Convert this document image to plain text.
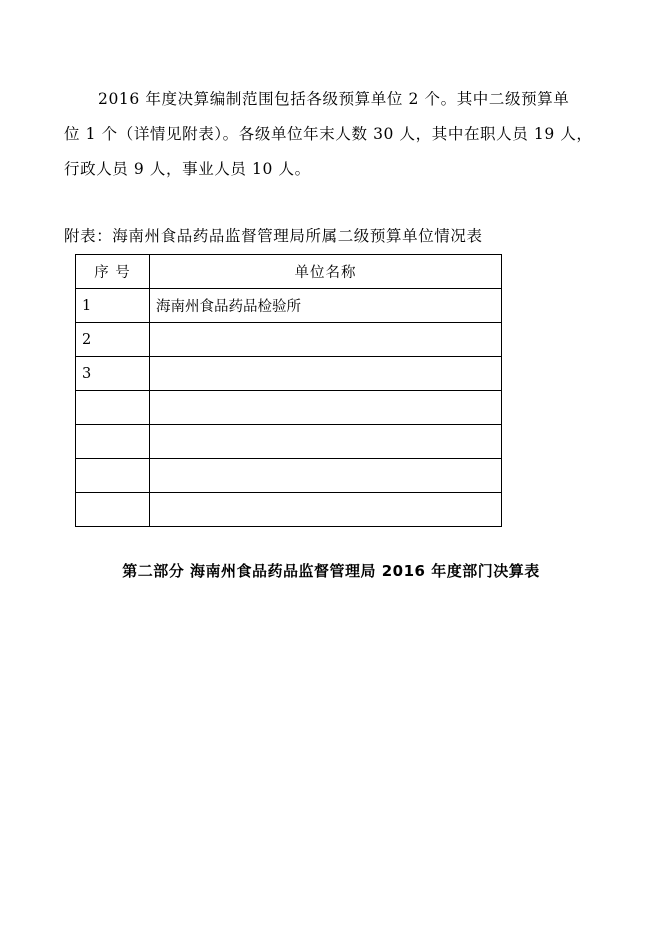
2016 年度决算编制范围包括各级预算单位 2 个。其中二级预算单
位 1 个（详情见附表）。各级单位年末人数 30 人，其中在职人员 19 人，
行政人员 9 人，事业人员 10 人。
附表：海南州食品药品监督管理局所属二级预算单位情况表
序 号	单位名称
1	海南州食品药品检验所
2	
3	

第二部分 海南州食品药品监督管理局 2016 年度部门决算表
